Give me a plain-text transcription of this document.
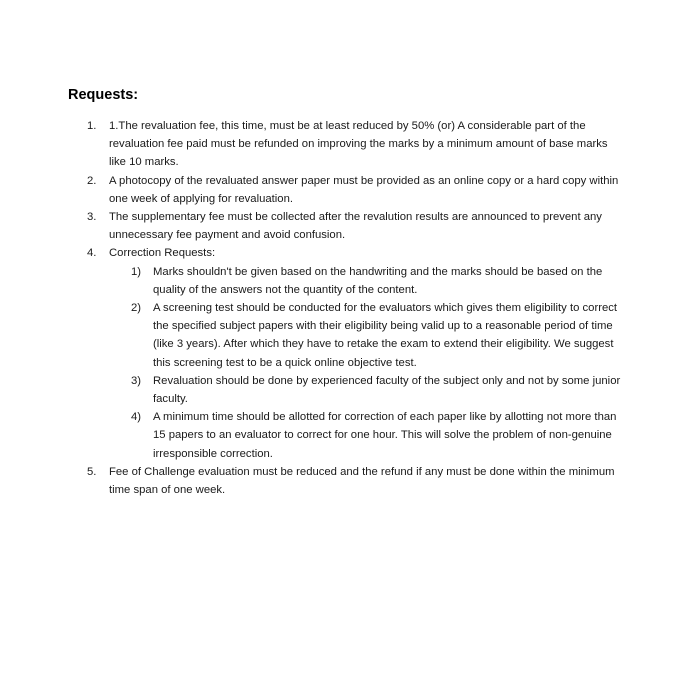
Requests:
1. 1.The revaluation fee, this time, must be at least reduced by 50% (or) A considerable part of the revaluation fee paid must be refunded on improving the marks by a minimum amount of base marks like 10 marks.
2. A photocopy of the revaluated answer paper must be provided as an online copy or a hard copy within one week of applying for revaluation.
3. The supplementary fee must be collected after the revalution results are announced to prevent any unnecessary fee payment and avoid confusion.
4. Correction Requests:
1) Marks shouldn't be given based on the handwriting and the marks should be based on the quality of the answers not the quantity of the content.
2) A screening test should be conducted for the evaluators which gives them eligibility to correct the specified subject papers with their eligibility being valid up to a reasonable period of time (like 3 years). After which they have to retake the exam to extend their eligibility. We suggest this screening test to be a quick online objective test.
3) Revaluation should be done by experienced faculty of the subject only and not by some junior faculty.
4) A minimum time should be allotted for correction of each paper like by allotting not more than 15 papers to an evaluator to correct for one hour. This will solve the problem of non-genuine irresponsible correction.
5. Fee of Challenge evaluation must be reduced and the refund if any must be done within the minimum time span of one week.
